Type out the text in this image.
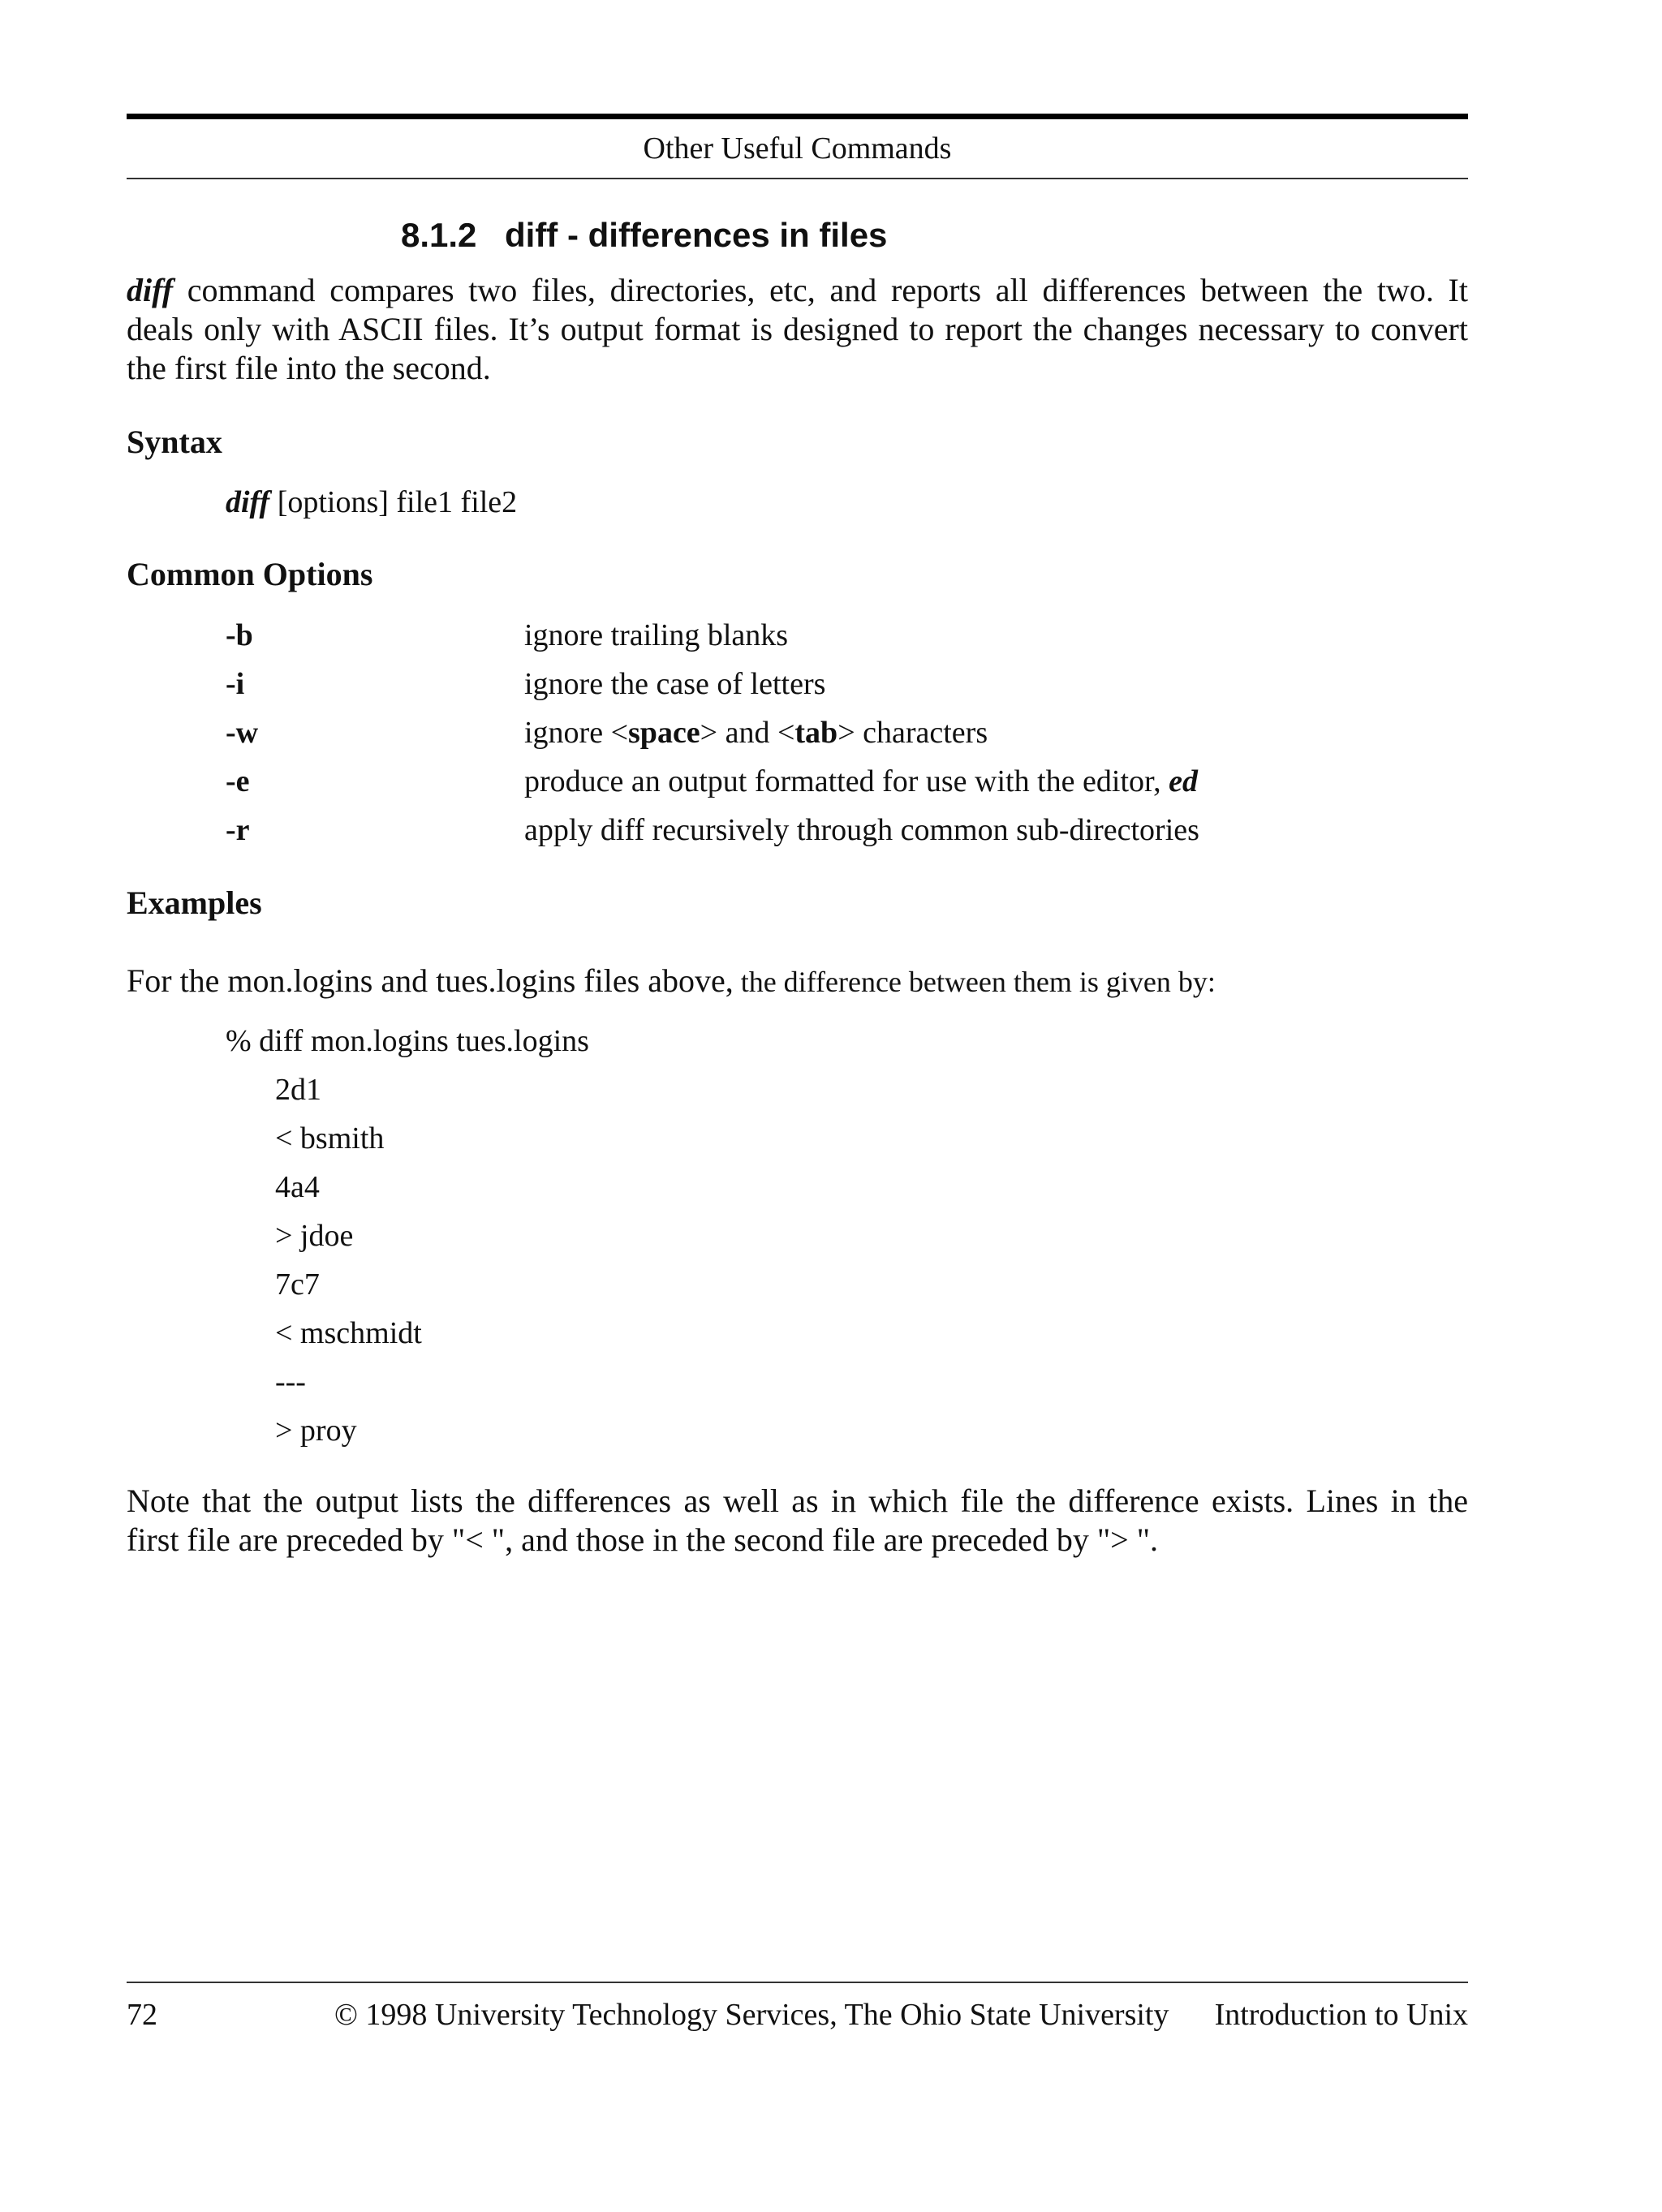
Other Useful Commands
8.1.2 diff - differences in files
diff command compares two files, directories, etc, and reports all differences between the two. It
deals only with ASCII files. It’s output format is designed to report the changes necessary to convert
the first file into the second.
Syntax
diff [options] file1 file2
Common Options
-b	ignore trailing blanks
-i	ignore the case of letters
-w	ignore <space> and <tab> characters
-e	produce an output formatted for use with the editor, ed
-r	apply diff recursively through common sub-directories
Examples
For the mon.logins and tues.logins files above, the difference between them is given by:
% diff mon.logins tues.logins
2d1
< bsmith
4a4
> jdoe
7c7
< mschmidt
---
> proy
Note that the output lists the differences as well as in which file the difference exists. Lines in the
first file are preceded by "< ", and those in the second file are preceded by "> ".
72	© 1998 University Technology Services, The Ohio State University Introduction to Unix
